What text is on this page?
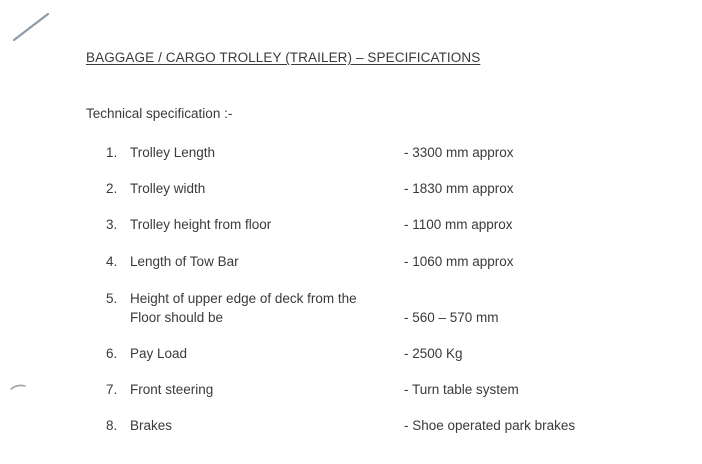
BAGGAGE / CARGO TROLLEY (TRAILER) – SPECIFICATIONS
Technical specification :-
1. Trolley Length	- 3300 mm approx
2. Trolley width	- 1830 mm approx
3. Trolley height from floor	- 1100 mm approx
4. Length of Tow Bar	- 1060 mm approx
5. Height of upper edge of deck from the Floor should be	- 560 – 570 mm
6. Pay Load	- 2500 Kg
7. Front steering	- Turn table system
8. Brakes	- Shoe operated park brakes
